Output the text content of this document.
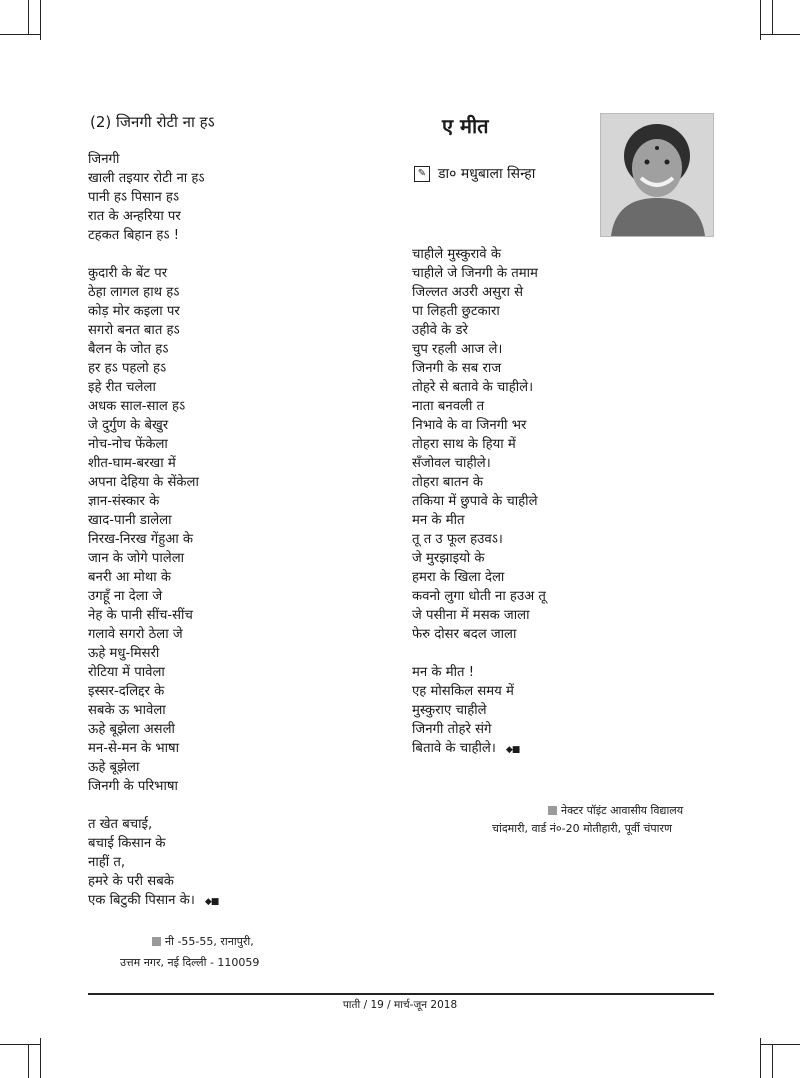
(2) जिनगी रोटी ना हऽ
जिनगी
खाली तइयार रोटी ना हऽ
पानी हऽ पिसान हऽ
रात के अन्हरिया पर
टहकत बिहान हऽ !
कुदारी के बेंट पर
ठेहा लागल हाथ हऽ
कोड़ मोर कइला पर
सगरो बनत बात हऽ
बैलन के जोत हऽ
हर हऽ पहलो हऽ
इहे रीत चलेला
अधक साल-साल हऽ
जे दुर्गुण के बेखुर
नोच-नोच फेंकेला
शीत-घाम-बरखा में
अपना देहिया के सेंकेला
ज्ञान-संस्कार के
खाद-पानी डालेला
निरख-निरख गेंहुआ के
जान के जोगे पालेला
बनरी आ मोथा के
उगहूँ ना देला जे
नेह के पानी सींच-सींच
गलावे सगरो ठेला जे
ऊहे मधु-मिसरी
रोटिया में पावेला
इस्सर-दलिद्दर के
सबके ऊ भावेला
ऊहे बूझेला असली
मन-से-मन के भाषा
ऊहे बूझेला
जिनगी के परिभाषा
त खेत बचाई,
बचाई किसान के
नाहीं त,
हमरे के परी सबके
एक बिटुकी पिसान के। ◆■
नी -55-55, रानापुरी,
उत्तम नगर, नई दिल्ली - 110059
ए मीत
✎ डा० मधुबाला सिन्हा
चाहीले मुस्कुरावे के
चाहीले जे जिनगी के तमाम
जिल्लत अउरी असुरा से
पा लिहती छुटकारा
उहीवे के डरे
चुप रहली आज ले।
जिनगी के सब राज
तोहरे से बतावे के चाहीले।
नाता बनवली त
निभावे के वा जिनगी भर
तोहरा साथ के हिया में
सँजोवल चाहीले।
तोहरा बातन के
तकिया में छुपावे के चाहीले
मन के मीत
तू त उ फूल हउवऽ।
जे मुरझाइयो के
हमरा के खिला देला
कवनो लुगा धोती ना हउअ तू
जे पसीना में मसक जाला
फेरु दोसर बदल जाला
मन के मीत !
एह मोसकिल समय में
मुस्कुराए चाहीले
जिनगी तोहरे संगे
बितावे के चाहीले। ◆■
नेक्टर पॉइंट आवासीय विद्यालय
चांदमारी, वार्ड नं०-20 मोतीहारी, पूर्वी चंपारण
पाती / 19 / मार्च-जून 2018
